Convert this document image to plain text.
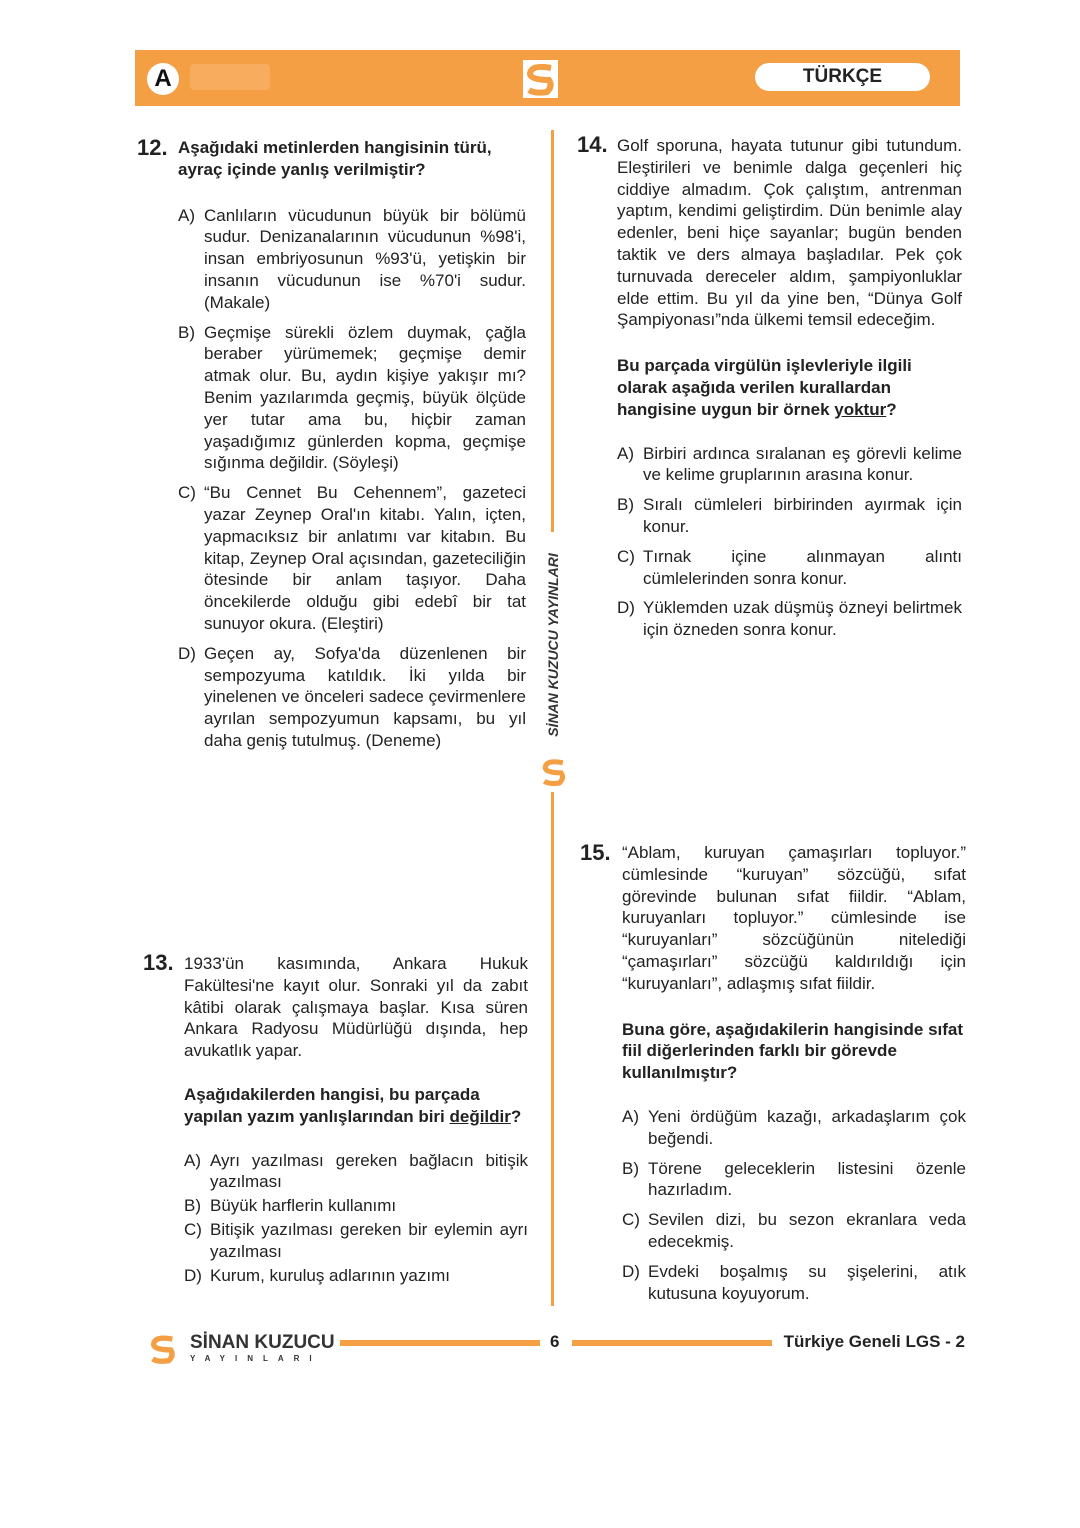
A	TÜRKÇE
SİNAN KUZUCU YAYINLARI
12. Aşağıdaki metinlerden hangisinin türü, ayraç içinde yanlış verilmiştir?
A) Canlıların vücudunun büyük bir bölümü sudur. Denizanalarının vücudunun %98'i, insan embriyosunun %93'ü, yetişkin bir insanın vücudunun ise %70'i sudur. (Makale)
B) Geçmişe sürekli özlem duymak, çağla beraber yürümemek; geçmişe demir atmak olur. Bu, aydın kişiye yakışır mı? Benim yazılarımda geçmiş, büyük ölçüde yer tutar ama bu, hiçbir zaman yaşadığımız günlerden kopma, geçmişe sığınma değildir. (Söyleşi)
C) “Bu Cennet Bu Cehennem”, gazeteci yazar Zeynep Oral'ın kitabı. Yalın, içten, yapmacıksız bir anlatımı var kitabın. Bu kitap, Zeynep Oral açısından, gazeteciliğin ötesinde bir anlam taşıyor. Daha öncekilerde olduğu gibi edebî bir tat sunuyor okura. (Eleştiri)
D) Geçen ay, Sofya'da düzenlenen bir sempozyuma katıldık. İki yılda bir yinelenen ve önceleri sadece çevirmenlere ayrılan sempozyumun kapsamı, bu yıl daha geniş tutulmuş. (Deneme)
13. 1933'ün kasımında, Ankara Hukuk Fakültesi'ne kayıt olur. Sonraki yıl da zabıt kâtibi olarak çalışmaya başlar. Kısa süren Ankara Radyosu Müdürlüğü dışında, hep avukatlık yapar.
Aşağıdakilerden hangisi, bu parçada yapılan yazım yanlışlarından biri değildir?
A) Ayrı yazılması gereken bağlacın bitişik yazılması
B) Büyük harflerin kullanımı
C) Bitişik yazılması gereken bir eylemin ayrı yazılması
D) Kurum, kuruluş adlarının yazımı
14. Golf sporuna, hayata tutunur gibi tutundum. Eleştirileri ve benimle dalga geçenleri hiç ciddiye almadım. Çok çalıştım, antrenman yaptım, kendimi geliştirdim. Dün benimle alay edenler, beni hiçe sayanlar; bugün benden taktik ve ders almaya başladılar. Pek çok turnuvada dereceler aldım, şampiyonluklar elde ettim. Bu yıl da yine ben, “Dünya Golf Şampiyonası”nda ülkemi temsil edeceğim.
Bu parçada virgülün işlevleriyle ilgili olarak aşağıda verilen kurallardan hangisine uygun bir örnek yoktur?
A) Birbiri ardınca sıralanan eş görevli kelime ve kelime gruplarının arasına konur.
B) Sıralı cümleleri birbirinden ayırmak için konur.
C) Tırnak içine alınmayan alıntı cümlelerinden sonra konur.
D) Yüklemden uzak düşmüş özneyi belirtmek için özneden sonra konur.
15. “Ablam, kuruyan çamaşırları topluyor.” cümlesinde “kuruyan” sözcüğü, sıfat görevinde bulunan sıfat fiildir. “Ablam, kuruyanları topluyor.” cümlesinde ise “kuruyanları” sözcüğünün nitelediği “çamaşırları” sözcüğü kaldırıldığı için “kuruyanları”, adlaşmış sıfat fiildir.
Buna göre, aşağıdakilerin hangisinde sıfat fiil diğerlerinden farklı bir görevde kullanılmıştır?
A) Yeni ördüğüm kazağı, arkadaşlarım çok beğendi.
B) Törene geleceklerin listesini özenle hazırladım.
C) Sevilen dizi, bu sezon ekranlara veda edecekmiş.
D) Evdeki boşalmış su şişelerini, atık kutusuna koyuyorum.
SİNAN KUZUCU
YAYINLARI
6	Türkiye Geneli LGS - 2
